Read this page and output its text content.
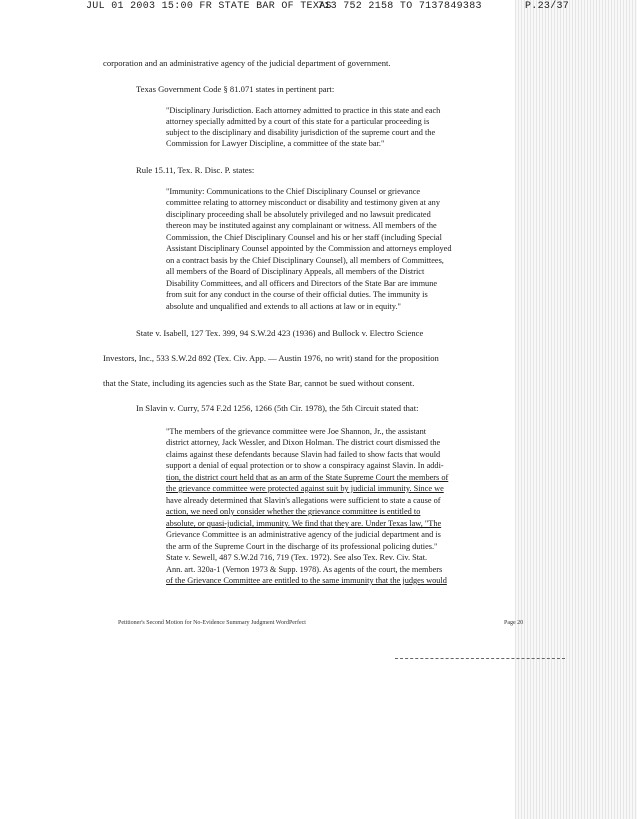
JUL 01 2003 15:00 FR STATE BAR OF TEXAS
713 752 2158 TO 7137849383	P.23/37
corporation and an administrative agency of the judicial department of government.
Texas Government Code § 81.071 states in pertinent part:
"Disciplinary Jurisdiction. Each attorney admitted to practice in this state and each
attorney specially admitted by a court of this state for a particular proceeding is
subject to the disciplinary and disability jurisdiction of the supreme court and the
Commission for Lawyer Discipline, a committee of the state bar."
Rule 15.11, Tex. R. Disc. P. states:
"Immunity: Communications to the Chief Disciplinary Counsel or grievance
committee relating to attorney misconduct or disability and testimony given at any
disciplinary proceeding shall be absolutely privileged and no lawsuit predicated
thereon may be instituted against any complainant or witness. All members of the
Commission, the Chief Disciplinary Counsel and his or her staff (including Special
Assistant Disciplinary Counsel appointed by the Commission and attorneys employed
on a contract basis by the Chief Disciplinary Counsel), all members of Committees,
all members of the Board of Disciplinary Appeals, all members of the District
Disability Committees, and all officers and Directors of the State Bar are immune
from suit for any conduct in the course of their official duties. The immunity is
absolute and unqualified and extends to all actions at law or in equity."
State v. Isabell, 127 Tex. 399, 94 S.W.2d 423 (1936) and Bullock v. Electro Science
Investors, Inc., 533 S.W.2d 892 (Tex. Civ. App. — Austin 1976, no writ) stand for the proposition
that the State, including its agencies such as the State Bar, cannot be sued without consent.
In Slavin v. Curry, 574 F.2d 1256, 1266 (5th Cir. 1978), the 5th Circuit stated that:
"The members of the grievance committee were Joe Shannon, Jr., the assistant
district attorney, Jack Wessler, and Dixon Holman. The district court dismissed the
claims against these defendants because Slavin had failed to show facts that would
support a denial of equal protection or to show a conspiracy against Slavin. In addi-
tion, the district court held that as an arm of the State Supreme Court the members of
the grievance committee were protected against suit by judicial immunity. Since we
have already determined that Slavin's allegations were sufficient to state a cause of
action, we need only consider whether the grievance committee is entitled to
absolute, or quasi-judicial, immunity. We find that they are. Under Texas law, "The
Grievance Committee is an administrative agency of the judicial department and is
the arm of the Supreme Court in the discharge of its professional policing duties."
State v. Sewell, 487 S.W.2d 716, 719 (Tex. 1972). See also Tex. Rev. Civ. Stat.
Ann. art. 320a-1 (Vernon 1973 & Supp. 1978). As agents of the court, the members
of the Grievance Committee are entitled to the same immunity that the judges would
Petitioner's Second Motion for No-Evidence Summary Judgment WordPerfect	Page 20
